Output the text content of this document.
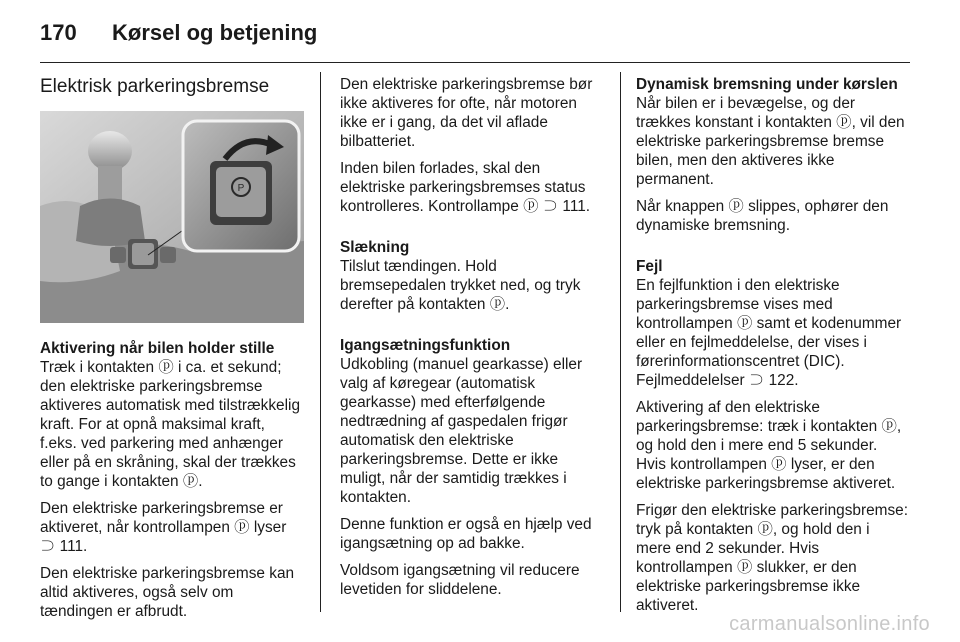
170 Kørsel og betjening
Elektrisk parkeringsbremse
P
Aktivering når bilen holder stille

Træk i kontakten ⓟ i ca. et sekund; den elektriske parkeringsbremse aktiveres automatisk med tilstrækkelig kraft. For at opnå maksimal kraft, f.eks. ved parkering med anhænger eller på en skråning, skal der trækkes to gange i kontakten ⓟ.

Den elektriske parkeringsbremse er aktiveret, når kontrollampen ⓟ lyser ⊃ 111.

Den elektriske parkeringsbremse kan altid aktiveres, også selv om tændingen er afbrudt.

Den elektriske parkeringsbremse bør ikke aktiveres for ofte, når motoren ikke er i gang, da det vil aflade bilbatteriet.

Inden bilen forlades, skal den elektriske parkeringsbremses status kontrolleres. Kontrollampe ⓟ ⊃ 111.

Slækning

Tilslut tændingen. Hold bremsepedalen trykket ned, og tryk derefter på kontakten ⓟ.

Igangsætningsfunktion

Udkobling (manuel gearkasse) eller valg af køregear (automatisk gearkasse) med efterfølgende nedtrædning af gaspedalen frigør automatisk den elektriske parkeringsbremse. Dette er ikke muligt, når der samtidig trækkes i kontakten.

Denne funktion er også en hjælp ved igangsætning op ad bakke.

Voldsom igangsætning vil reducere levetiden for sliddelene.

Dynamisk bremsning under kørslen

Når bilen er i bevægelse, og der trækkes konstant i kontakten ⓟ, vil den elektriske parkeringsbremse bremse bilen, men den aktiveres ikke permanent.

Når knappen ⓟ slippes, ophører den dynamiske bremsning.

Fejl

En fejlfunktion i den elektriske parkeringsbremse vises med kontrollampen ⓟ samt et kodenummer eller en fejlmeddelelse, der vises i førerinformationscentret (DIC). Fejlmeddelelser ⊃ 122.

Aktivering af den elektriske parkeringsbremse: træk i kontakten ⓟ, og hold den i mere end 5 sekunder. Hvis kontrollampen ⓟ lyser, er den elektriske parkeringsbremse aktiveret.

Frigør den elektriske parkeringsbremse: tryk på kontakten ⓟ, og hold den i mere end 2 sekunder. Hvis kontrollampen ⓟ slukker, er den elektriske parkeringsbremse ikke aktiveret.

carmanualsonline.info
